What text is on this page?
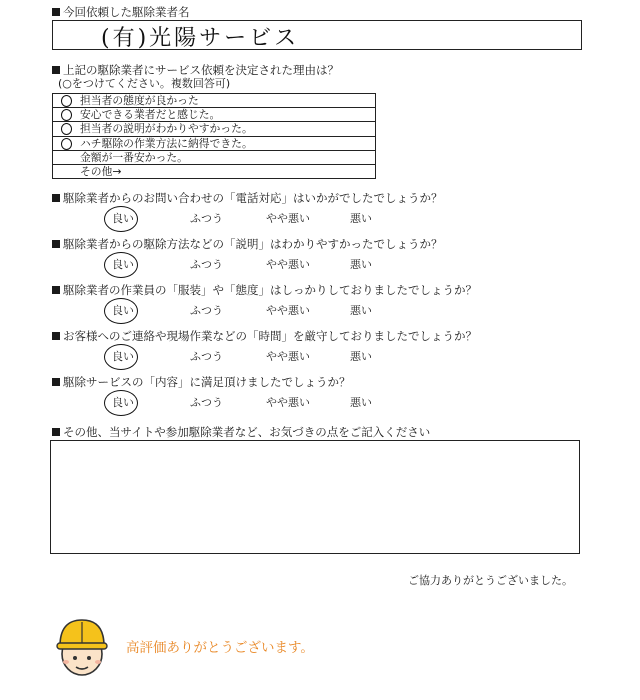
今回依頼した駆除業者名
(有)光陽サービス
上記の駆除業者にサービス依頼を決定された理由は？
(○をつけてください。複数回答可)
担当者の態度が良かった
安心できる業者だと感じた。
担当者の説明がわかりやすかった。
ハチ駆除の作業方法に納得できた。
金額が一番安かった。
その他→
駆除業者からのお問い合わせの「電話対応」はいかがでしたでしょうか？
良い	ふつう	やや悪い	悪い
駆除業者からの駆除方法などの「説明」はわかりやすかったでしょうか？
良い	ふつう	やや悪い	悪い
駆除業者の作業員の「服装」や「態度」はしっかりしておりましたでしょうか？
良い	ふつう	やや悪い	悪い
お客様へのご連絡や現場作業などの「時間」を厳守しておりましたでしょうか？
良い	ふつう	やや悪い	悪い
駆除サービスの「内容」に満足頂けましたでしょうか？
良い	ふつう	やや悪い	悪い
その他、当サイトや参加駆除業者など、お気づきの点をご記入ください
ご協力ありがとうございました。
高評価ありがとうございます。
